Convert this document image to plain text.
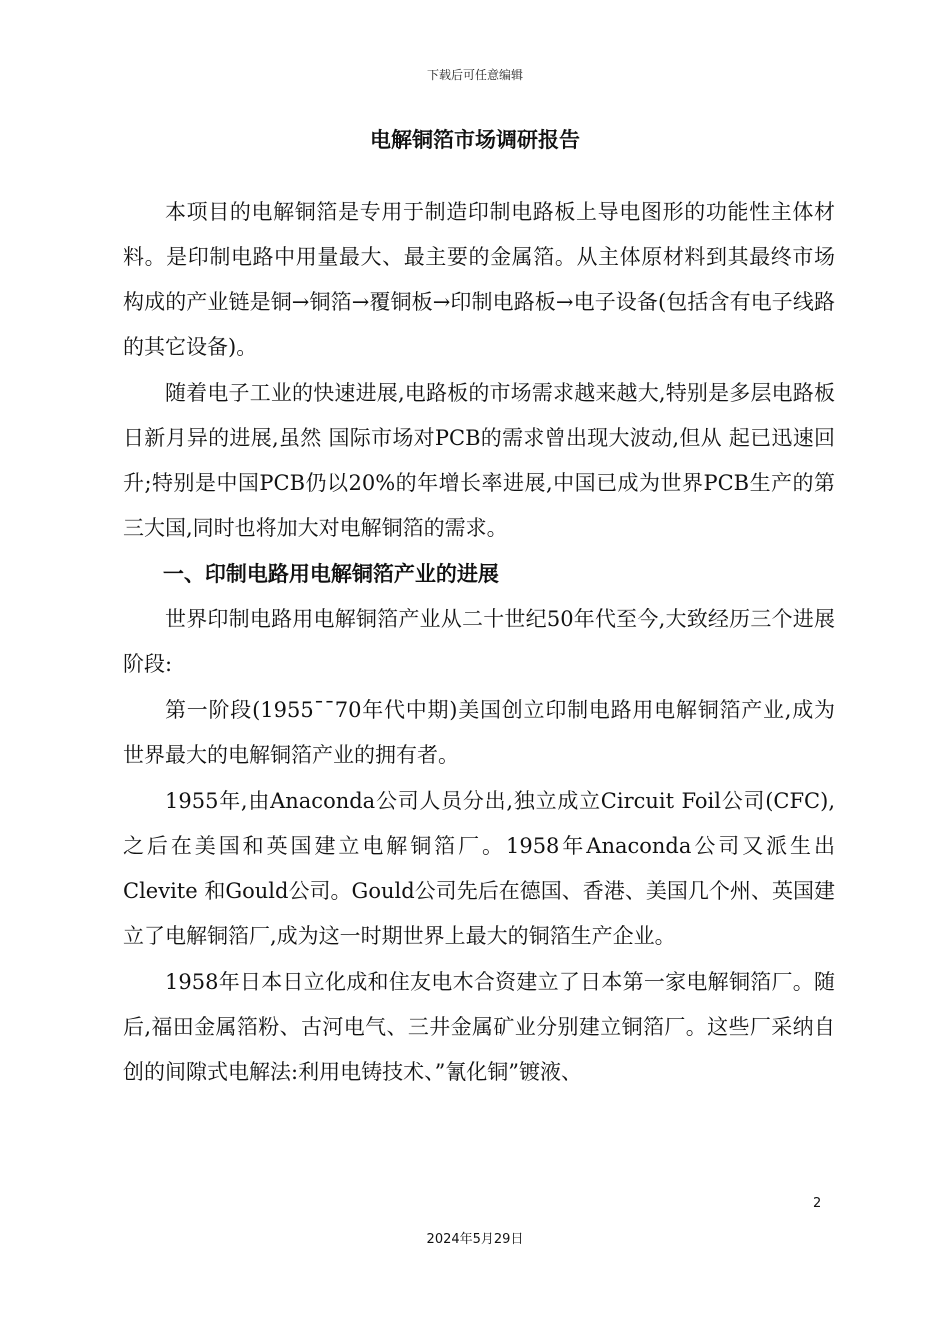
下载后可任意编辑
电解铜箔市场调研报告

本项目的电解铜箔是专用于制造印制电路板上导电图形的功能性主体材料。是印制电路中用量最大、最主要的金属箔。从主体原材料到其最终市场构成的产业链是铜→铜箔→覆铜板→印制电路板→电子设备(包括含有电子线路的其它设备)。

随着电子工业的快速进展,电路板的市场需求越来越大,特别是多层电路板日新月异的进展,虽然 国际市场对PCB的需求曾出现大波动,但从 起已迅速回升;特别是中国PCB仍以20%的年增长率进展,中国已成为世界PCB生产的第三大国,同时也将加大对电解铜箔的需求。

一、印制电路用电解铜箔产业的进展

世界印制电路用电解铜箔产业从二十世纪50年代至今,大致经历三个进展阶段:

第一阶段(1955¯¯70年代中期)美国创立印制电路用电解铜箔产业,成为世界最大的电解铜箔产业的拥有者。

1955年,由Anaconda公司人员分出,独立成立Circuit Foil公司(CFC),之后在美国和英国建立电解铜箔厂。1958年Anaconda公司又派生出Clevite 和Gould公司。Gould公司先后在德国、香港、美国几个州、英国建立了电解铜箔厂,成为这一时期世界上最大的铜箔生产企业。

1958年日本日立化成和住友电木合资建立了日本第一家电解铜箔厂。随后,福田金属箔粉、古河电气、三井金属矿业分别建立铜箔厂。这些厂采纳自创的间隙式电解法:利用电铸技术、”氰化铜”镀液、

2
2024年5月29日
